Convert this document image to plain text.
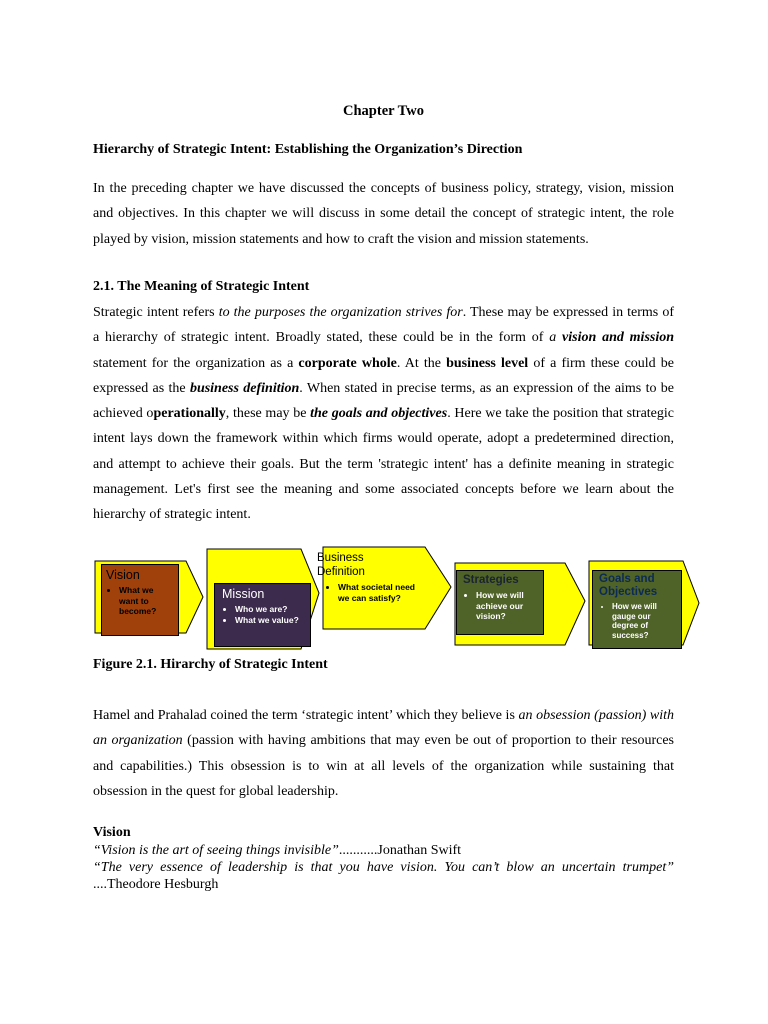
Chapter Two
Hierarchy of Strategic Intent: Establishing the Organization’s Direction
In the preceding chapter we have discussed the concepts of business policy, strategy, vision, mission and objectives. In this chapter we will discuss in some detail the concept of strategic intent, the role played by vision, mission statements and how to craft the vision and mission statements.
2.1. The Meaning of Strategic Intent
Strategic intent refers to the purposes the organization strives for. These may be expressed in terms of a hierarchy of strategic intent. Broadly stated, these could be in the form of a vision and mission statement for the organization as a corporate whole. At the business level of a firm these could be expressed as the business definition. When stated in precise terms, as an expression of the aims to be achieved operationally, these may be the goals and objectives. Here we take the position that strategic intent lays down the framework within which firms would operate, adopt a predetermined direction, and attempt to achieve their goals. But the term 'strategic intent' has a definite meaning in strategic management. Let's first see the meaning and some associated concepts before we learn about the hierarchy of strategic intent.
Vision
• What we want to become?
Mission
• Who we are?
• What we value?
Business Definition
• What societal need we can satisfy?
Strategies
• How we will achieve our vision?
Goals and Objectives
• How we will gauge our degree of success?
Figure 2.1. Hirarchy of Strategic Intent
Hamel and Prahalad coined the term ‘strategic intent’ which they believe is an obsession (passion) with an organization (passion with having ambitions that may even be out of proportion to their resources and capabilities.) This obsession is to win at all levels of the organization while sustaining that obsession in the quest for global leadership.
Vision
“Vision is the art of seeing things invisible”...........Jonathan Swift
“The very essence of leadership is that you have vision. You can’t blow an uncertain trumpet” ....Theodore Hesburgh
